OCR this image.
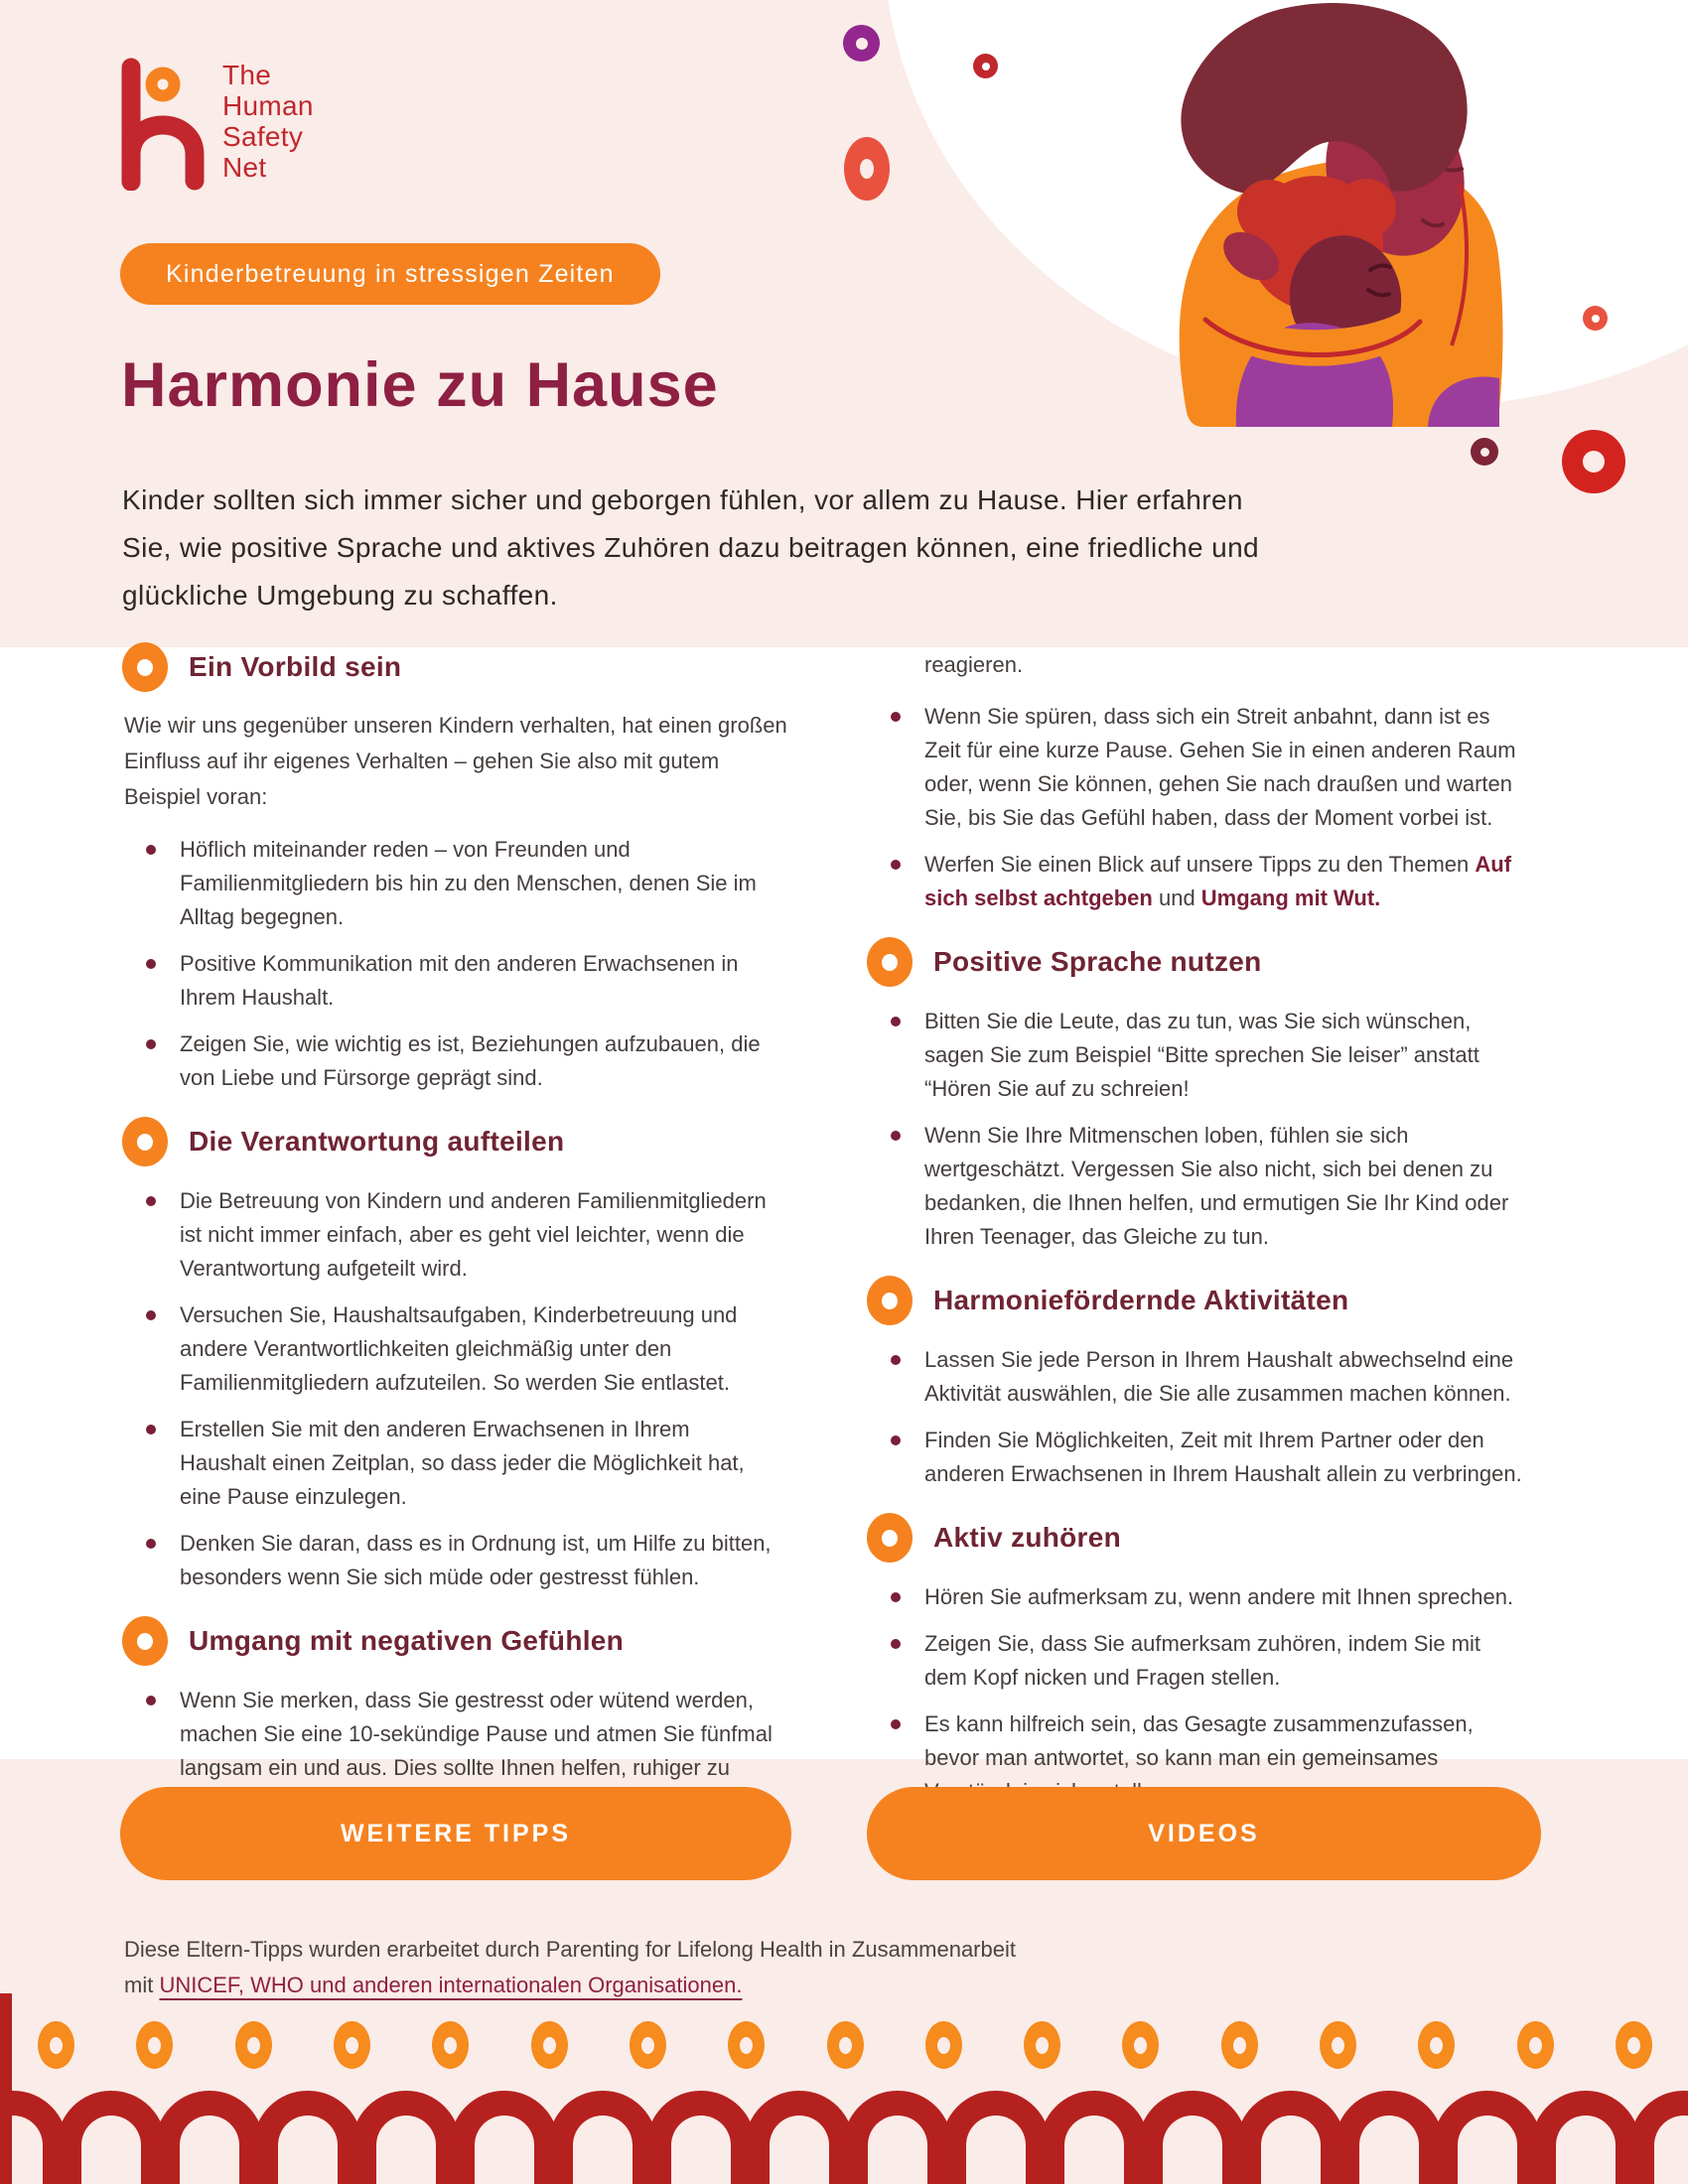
The
Human
Safety
Net
Kinderbetreuung in stressigen Zeiten
Harmonie zu Hause

Kinder sollten sich immer sicher und geborgen fühlen, vor allem zu Hause. Hier erfahren
Sie, wie positive Sprache und aktives Zuhören dazu beitragen können, eine friedliche und
glückliche Umgebung zu schaffen.

Ein Vorbild sein

Wie wir uns gegenüber unseren Kindern verhalten, hat einen großen Einfluss auf ihr eigenes Verhalten – gehen Sie also mit gutem Beispiel voran:

Höflich miteinander reden – von Freunden und Familienmitgliedern bis hin zu den Menschen, denen Sie im Alltag begegnen.
Positive Kommunikation mit den anderen Erwachsenen in Ihrem Haushalt.
Zeigen Sie, wie wichtig es ist, Beziehungen aufzubauen, die von Liebe und Fürsorge geprägt sind.
Die Verantwortung aufteilen
Die Betreuung von Kindern und anderen Familienmitgliedern ist nicht immer einfach, aber es geht viel leichter, wenn die Verantwortung aufgeteilt wird.
Versuchen Sie, Haushaltsaufgaben, Kinderbetreuung und andere Verantwortlichkeiten gleichmäßig unter den Familienmitgliedern aufzuteilen. So werden Sie entlastet.
Erstellen Sie mit den anderen Erwachsenen in Ihrem Haushalt einen Zeitplan, so dass jeder die Möglichkeit hat, eine Pause einzulegen.
Denken Sie daran, dass es in Ordnung ist, um Hilfe zu bitten, besonders wenn Sie sich müde oder gestresst fühlen.
Umgang mit negativen Gefühlen
Wenn Sie merken, dass Sie gestresst oder wütend werden, machen Sie eine 10-sekündige Pause und atmen Sie fünfmal langsam ein und aus. Dies sollte Ihnen helfen, ruhiger zu
reagieren.
Wenn Sie spüren, dass sich ein Streit anbahnt, dann ist es Zeit für eine kurze Pause. Gehen Sie in einen anderen Raum oder, wenn Sie können, gehen Sie nach draußen und warten Sie, bis Sie das Gefühl haben, dass der Moment vorbei ist.
Werfen Sie einen Blick auf unsere Tipps zu den Themen Auf sich selbst achtgeben und Umgang mit Wut.
Positive Sprache nutzen
Bitten Sie die Leute, das zu tun, was Sie sich wünschen, sagen Sie zum Beispiel “Bitte sprechen Sie leiser” anstatt “Hören Sie auf zu schreien!
Wenn Sie Ihre Mitmenschen loben, fühlen sie sich wertgeschätzt. Vergessen Sie also nicht, sich bei denen zu bedanken, die Ihnen helfen, und ermutigen Sie Ihr Kind oder Ihren Teenager, das Gleiche zu tun.
Harmoniefördernde Aktivitäten
Lassen Sie jede Person in Ihrem Haushalt abwechselnd eine Aktivität auswählen, die Sie alle zusammen machen können.
Finden Sie Möglichkeiten, Zeit mit Ihrem Partner oder den anderen Erwachsenen in Ihrem Haushalt allein zu verbringen.
Aktiv zuhören
Hören Sie aufmerksam zu, wenn andere mit Ihnen sprechen.
Zeigen Sie, dass Sie aufmerksam zuhören, indem Sie mit dem Kopf nicken und Fragen stellen.
Es kann hilfreich sein, das Gesagte zusammenzufassen, bevor man antwortet, so kann man ein gemeinsames
WEITERE TIPPS	VIDEOS
Diese Eltern-Tipps wurden erarbeitet durch Parenting for Lifelong Health in Zusammenarbeit
mit UNICEF, WHO und anderen internationalen Organisationen.
